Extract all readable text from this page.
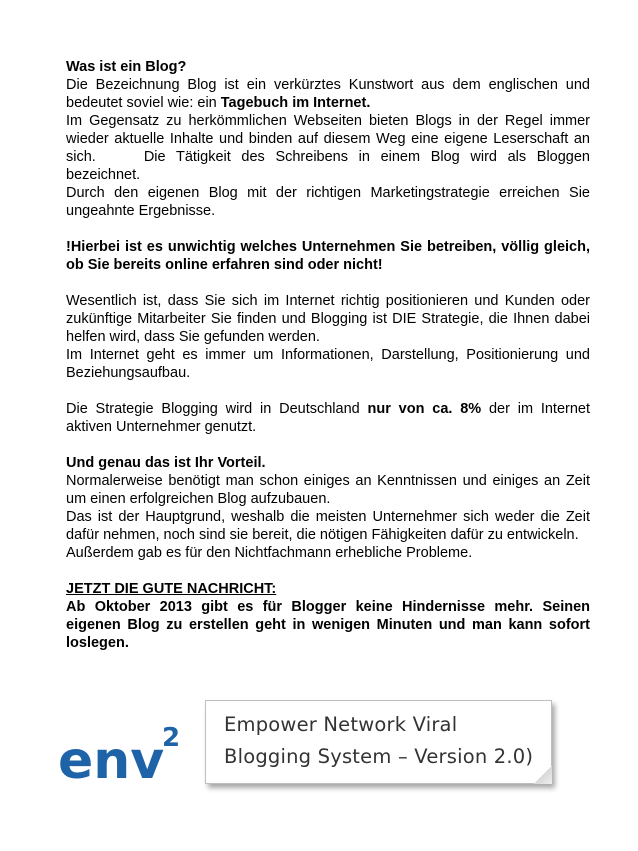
Was ist ein Blog?

Die Bezeichnung Blog ist ein verkürztes Kunstwort aus dem englischen und bedeutet soviel wie: ein Tagebuch im Internet.

Im Gegensatz zu herkömmlichen Webseiten bieten Blogs in der Regel immer wieder aktuelle Inhalte und binden auf diesem Weg eine eigene Leserschaft an sich.	Die Tätigkeit des Schreibens in einem Blog wird als Bloggen bezeichnet.

Durch den eigenen Blog mit der richtigen Marketingstrategie erreichen Sie ungeahnte Ergebnisse.

!Hierbei ist es unwichtig welches Unternehmen Sie betreiben, völlig gleich, ob Sie bereits online erfahren sind oder nicht!

Wesentlich ist, dass Sie sich im Internet richtig positionieren und Kunden oder zukünftige Mitarbeiter Sie finden und Blogging ist DIE Strategie, die Ihnen dabei helfen wird, dass Sie gefunden werden.

Im Internet geht es immer um Informationen, Darstellung, Positionierung und Beziehungsaufbau.

Die Strategie Blogging wird in Deutschland nur von ca. 8% der im Internet aktiven Unternehmer genutzt.

Und genau das ist Ihr Vorteil.

Normalerweise benötigt man schon einiges an Kenntnissen und einiges an Zeit um einen erfolgreichen Blog aufzubauen.

Das ist der Hauptgrund, weshalb die meisten Unternehmer sich weder die Zeit dafür nehmen, noch sind sie bereit, die nötigen Fähigkeiten dafür zu entwickeln.

Außerdem gab es für den Nichtfachmann erhebliche Probleme.

JETZT DIE GUTE NACHRICHT:

Ab Oktober 2013 gibt es für Blogger keine Hindernisse mehr. Seinen eigenen Blog zu erstellen geht in wenigen Minuten und man kann sofort loslegen.

env
2 Empower Network Viral
Blogging System – Version 2.0)
